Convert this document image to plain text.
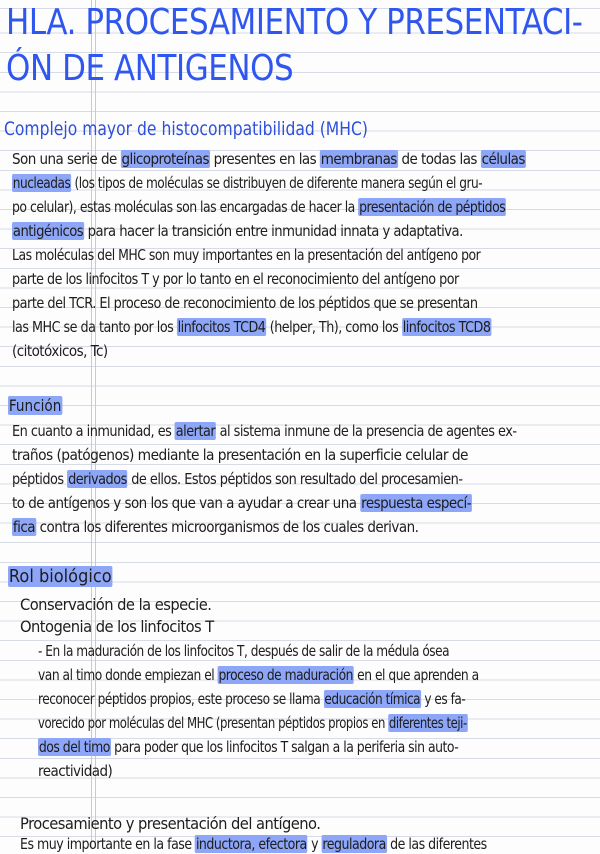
HLA. PROCESAMIENTO Y PRESENTACI-
ÓN DE ANTIGENOS
Complejo mayor de histocompatibilidad (MHC)
Son una serie de glicoproteínas presentes en las membranas de todas las células
nucleadas (los tipos de moléculas se distribuyen de diferente manera según el gru-
po celular), estas moléculas son las encargadas de hacer la presentación de péptidos
antigénicos para hacer la transición entre inmunidad innata y adaptativa.
Las moléculas del MHC son muy importantes en la presentación del antígeno por
parte de los linfocitos T y por lo tanto en el reconocimiento del antígeno por
parte del TCR. El proceso de reconocimiento de los péptidos que se presentan
las MHC se da tanto por los linfocitos TCD4 (helper, Th), como los linfocitos TCD8
(citotóxicos, Tc)
Función
En cuanto a inmunidad, es alertar al sistema inmune de la presencia de agentes ex-
traños (patógenos) mediante la presentación en la superficie celular de
péptidos derivados de ellos. Estos péptidos son resultado del procesamien-
to de antígenos y son los que van a ayudar a crear una respuesta especí-
fica contra los diferentes microorganismos de los cuales derivan.
Rol biológico
Conservación de la especie.
Ontogenia de los linfocitos T
- En la maduración de los linfocitos T, después de salir de la médula ósea
van al timo donde empiezan el proceso de maduración en el que aprenden a
reconocer péptidos propios, este proceso se llama educación tímica y es fa-
vorecido por moléculas del MHC (presentan péptidos propios en diferentes teji-
dos del timo para poder que los linfocitos T salgan a la periferia sin auto-
reactividad)
Procesamiento y presentación del antígeno.
Es muy importante en la fase inductora, efectora y reguladora de las diferentes
